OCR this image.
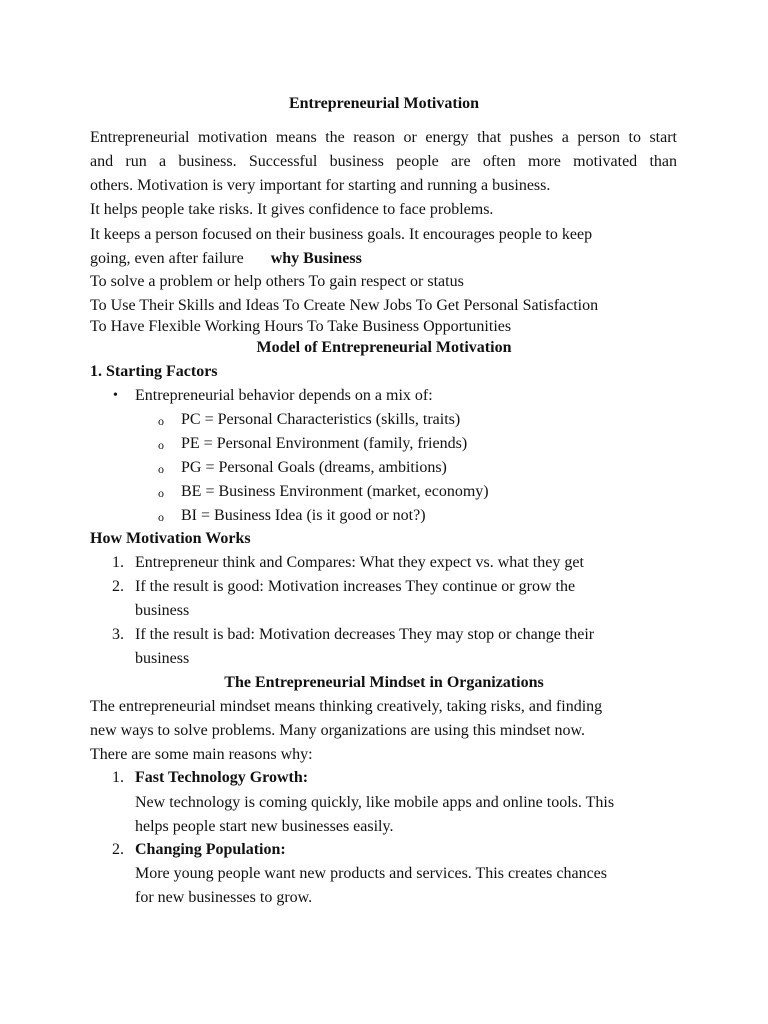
Entrepreneurial Motivation
Entrepreneurial motivation means the reason or energy that pushes a person to start
and run a business. Successful business people are often more motivated than
others. Motivation is very important for starting and running a business.
It helps people take risks. It gives confidence to face problems.
It keeps a person focused on their business goals. It encourages people to keep
going, even after failure why Business
To solve a problem or help others To gain respect or status
To Use Their Skills and Ideas To Create New Jobs To Get Personal Satisfaction
To Have Flexible Working Hours To Take Business Opportunities
Model of Entrepreneurial Motivation
1. Starting Factors
• Entrepreneurial behavior depends on a mix of:
o PC = Personal Characteristics (skills, traits)
o PE = Personal Environment (family, friends)
o PG = Personal Goals (dreams, ambitions)
o BE = Business Environment (market, economy)
o BI = Business Idea (is it good or not?)
How Motivation Works
1. Entrepreneur think and Compares: What they expect vs. what they get
2. If the result is good: Motivation increases They continue or grow the
business
3. If the result is bad: Motivation decreases They may stop or change their
business
The Entrepreneurial Mindset in Organizations
The entrepreneurial mindset means thinking creatively, taking risks, and finding
new ways to solve problems. Many organizations are using this mindset now.
There are some main reasons why:
1. Fast Technology Growth:
New technology is coming quickly, like mobile apps and online tools. This
helps people start new businesses easily.
2. Changing Population:
More young people want new products and services. This creates chances
for new businesses to grow.
